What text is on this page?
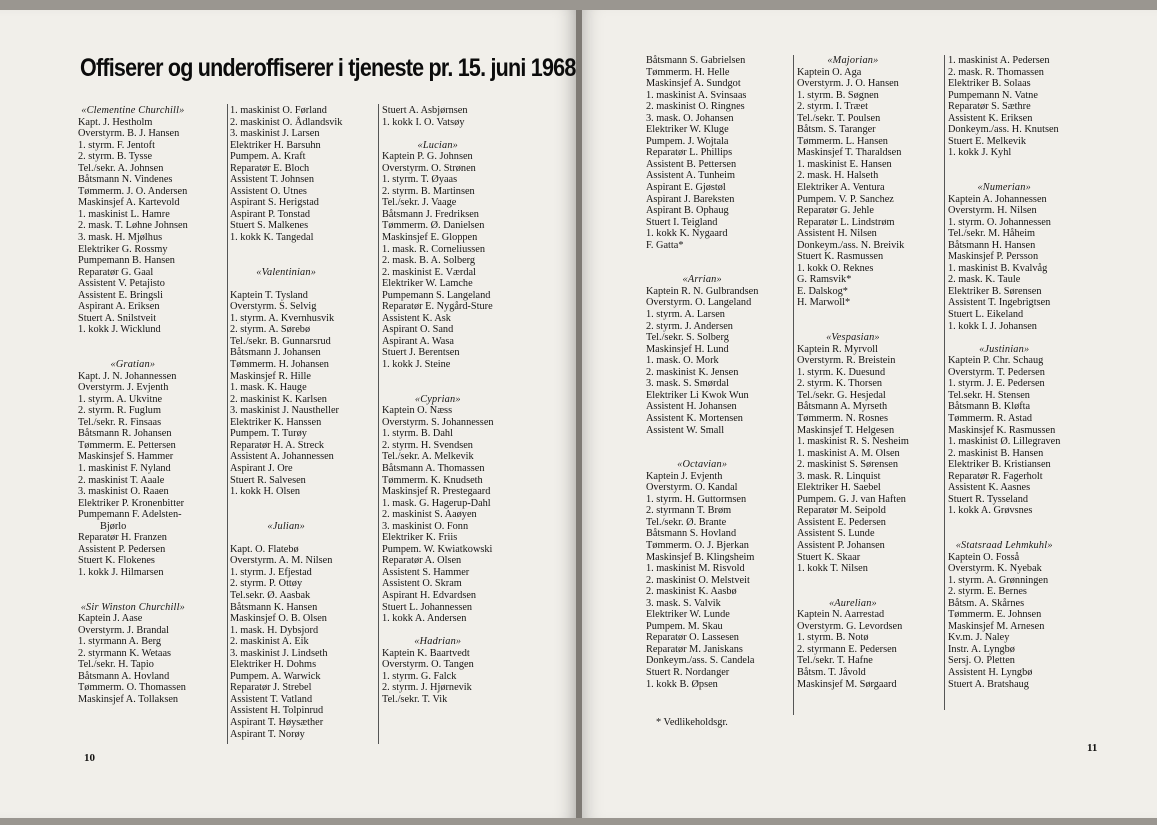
Offiserer og underoffiserer i tjeneste pr. 15. juni 1968
«Clementine Churchill»
Kapt. J. Hestholm
Overstyrm. B. J. Hansen
1. styrm. F. Jentoft
2. styrm. B. Tysse
Tel./sekr. A. Johnsen
Båtsmann N. Vindenes
Tømmerm. J. O. Andersen
Maskinsjef A. Kartevold
1. maskinist L. Hamre
2. mask. T. Løhne Johnsen
3. mask. H. Mjølhus
Elektriker G. Rossmy
Pumpemann B. Hansen
Reparatør G. Gaal
Assistent V. Petajisto
Assistent E. Bringsli
Aspirant A. Eriksen
Stuert A. Snilstveit
1. kokk J. Wicklund
«Gratian»
Kapt. J. N. Johannessen
Overstyrm. J. Evjenth
1. styrm. A. Ukvitne
2. styrm. R. Fuglum
Tel./sekr. R. Finsaas
Båtsmann R. Johansen
Tømmerm. E. Pettersen
Maskinsjef S. Hammer
1. maskinist F. Nyland
2. maskinist T. Aaale
3. maskinist O. Raaen
Elektriker P. Kronenbitter
Pumpemann F. Adelsten-
Bjørlo
Reparatør H. Franzen
Assistent P. Pedersen
Stuert K. Flokenes
1. kokk J. Hilmarsen
«Sir Winston Churchill»
Kaptein J. Aase
Overstyrm. J. Brandal
1. styrmann A. Berg
2. styrmann K. Wetaas
Tel./sekr. H. Tapio
Båtsmann A. Hovland
Tømmerm. O. Thomassen
Maskinsjef A. Tollaksen
1. maskinist O. Førland
2. maskinist O. Ådlandsvik
3. maskinist J. Larsen
Elektriker H. Barsuhn
Pumpem. A. Kraft
Reparatør E. Bloch
Assistent T. Johnsen
Assistent O. Utnes
Aspirant S. Herigstad
Aspirant P. Tonstad
Stuert S. Malkenes
1. kokk K. Tangedal
«Valentinian»
Kaptein T. Tysland
Overstyrm. S. Selvig
1. styrm. A. Kvernhusvik
2. styrm. A. Sørebø
Tel./sekr. B. Gunnarsrud
Båtsmann J. Johansen
Tømmerm. H. Johansen
Maskinsjef R. Hille
1. mask. K. Hauge
2. maskinist K. Karlsen
3. maskinist J. Naustheller
Elektriker K. Hanssen
Pumpem. T. Turøy
Reparatør H. A. Streck
Assistent A. Johannessen
Aspirant J. Ore
Stuert R. Salvesen
1. kokk H. Olsen
«Julian»
Kapt. O. Flatebø
Overstyrm. A. M. Nilsen
1. styrm. J. Efjestad
2. styrm. P. Ottøy
Tel.sekr. Ø. Aasbak
Båtsmann K. Hansen
Maskinsjef O. B. Olsen
1. mask. H. Dybsjord
2. maskinist A. Eik
3. maskinist J. Lindseth
Elektriker H. Dohms
Pumpem. A. Warwick
Reparatør J. Strebel
Assistent T. Vatland
Assistent H. Tolpinrud
Aspirant T. Høysæther
Aspirant T. Norøy
Stuert A. Asbjørnsen
1. kokk I. O. Vatsøy
«Lucian»
Kaptein P. G. Johnsen
Overstyrm. O. Strønen
1. styrm. T. Øyaas
2. styrm. B. Martinsen
Tel./sekr. J. Vaage
Båtsmann J. Fredriksen
Tømmerm. Ø. Danielsen
Maskinsjef E. Gloppen
1. mask. R. Corneliussen
2. mask. B. A. Solberg
2. maskinist E. Værdal
Elektriker W. Lamche
Pumpemann S. Langeland
Reparatør E. Nygård-Sture
Assistent K. Ask
Aspirant O. Sand
Aspirant A. Wasa
Stuert J. Berentsen
1. kokk J. Steine
«Cyprian»
Kaptein O. Næss
Overstyrm. S. Johannessen
1. styrm. B. Dahl
2. styrm. H. Svendsen
Tel./sekr. A. Melkevik
Båtsmann A. Thomassen
Tømmerm. K. Knudseth
Maskinsjef R. Prestegaard
1. mask. G. Hagerup-Dahl
2. maskinist S. Aaøyen
3. maskinist O. Fonn
Elektriker K. Friis
Pumpem. W. Kwiatkowski
Reparatør A. Olsen
Assistent S. Hammer
Assistent O. Skram
Aspirant H. Edvardsen
Stuert L. Johannessen
1. kokk A. Andersen
«Hadrian»
Kaptein K. Baartvedt
Overstyrm. O. Tangen
1. styrm. G. Falck
2. styrm. J. Hjørnevik
Tel./sekr. T. Vik
Båtsmann S. Gabrielsen
Tømmerm. H. Helle
Maskinsjef A. Sundgot
1. maskinist A. Svinsaas
2. maskinist O. Ringnes
3. mask. O. Johansen
Elektriker W. Kluge
Pumpem. J. Wojtala
Reparatør L. Phillips
Assistent B. Pettersen
Assistent A. Tunheim
Aspirant E. Gjøstøl
Aspirant J. Bareksten
Aspirant B. Ophaug
Stuert I. Teigland
1. kokk K. Nygaard
F. Gatta*
«Arrian»
Kaptein R. N. Gulbrandsen
Overstyrm. O. Langeland
1. styrm. A. Larsen
2. styrm. J. Andersen
Tel./sekr. S. Solberg
Maskinsjef H. Lund
1. mask. O. Mork
2. maskinist K. Jensen
3. mask. S. Smørdal
Elektriker Li Kwok Wun
Assistent H. Johansen
Assistent K. Mortensen
Assistent W. Small
«Octavian»
Kaptein J. Evjenth
Overstyrm. O. Kandal
1. styrm. H. Guttormsen
2. styrmann T. Brøm
Tel./sekr. Ø. Brante
Båtsmann S. Hovland
Tømmerm. O. J. Bjerkan
Maskinsjef B. Klingsheim
1. maskinist M. Risvold
2. maskinist O. Melstveit
2. maskinist K. Aasbø
3. mask. S. Valvik
Elektriker W. Lunde
Pumpem. M. Skau
Reparatør O. Lassesen
Reparatør M. Janiskans
Donkeym./ass. S. Candela
Stuert R. Nordanger
1. kokk B. Øpsen
«Majorian»
Kaptein O. Aga
Overstyrm. J. O. Hansen
1. styrm. B. Søgnen
2. styrm. I. Træet
Tel./sekr. T. Poulsen
Båtsm. S. Taranger
Tømmerm. L. Hansen
Maskinsjef T. Tharaldsen
1. maskinist E. Hansen
2. mask. H. Halseth
Elektriker A. Ventura
Pumpem. V. P. Sanchez
Reparatør G. Jehle
Reparatør L. Lindstrøm
Assistent H. Nilsen
Donkeym./ass. N. Breivik
Stuert K. Rasmussen
1. kokk O. Reknes
G. Ramsvik*
E. Dalskog*
H. Marwoll*
«Vespasian»
Kaptein R. Myrvoll
Overstyrm. R. Breistein
1. styrm. K. Duesund
2. styrm. K. Thorsen
Tel./sekr. G. Hesjedal
Båtsmann A. Myrseth
Tømmerm. N. Rosnes
Maskinsjef T. Helgesen
1. maskinist R. S. Nesheim
1. maskinist A. M. Olsen
2. maskinist S. Sørensen
3. mask. R. Linquist
Elektriker H. Saebel
Pumpem. G. J. van Haften
Reparatør M. Seipold
Assistent E. Pedersen
Assistent S. Lunde
Assistent P. Johansen
Stuert K. Skaar
1. kokk T. Nilsen
«Aurelian»
Kaptein N. Aarrestad
Overstyrm. G. Levordsen
1. styrm. B. Notø
2. styrmann E. Pedersen
Tel./sekr. T. Hafne
Båtsm. T. Jåvold
Maskinsjef M. Sørgaard
1. maskinist A. Pedersen
2. mask. R. Thomassen
Elektriker B. Solaas
Pumpemann N. Vatne
Reparatør S. Sæthre
Assistent K. Eriksen
Donkeym./ass. H. Knutsen
Stuert E. Melkevik
1. kokk J. Kyhl
«Numerian»
Kaptein A. Johannessen
Overstyrm. H. Nilsen
1. styrm. O. Johannessen
Tel./sekr. M. Håheim
Båtsmann H. Hansen
Maskinsjef P. Persson
1. maskinist B. Kvalvåg
2. mask. K. Taule
Elektriker B. Sørensen
Assistent T. Ingebrigtsen
Stuert L. Eikeland
1. kokk I. J. Johansen
«Justinian»
Kaptein P. Chr. Schaug
Overstyrm. T. Pedersen
1. styrm. J. E. Pedersen
Tel.sekr. H. Stensen
Båtsmann B. Kløfta
Tømmerm. R. Astad
Maskinsjef K. Rasmussen
1. maskinist Ø. Lillegraven
2. maskinist B. Hansen
Elektriker B. Kristiansen
Reparatør R. Fagerholt
Assistent K. Aasnes
Stuert R. Tysseland
1. kokk A. Grøvsnes
«Statsraad Lehmkuhl»
Kaptein O. Fosså
Overstyrm. K. Nyebak
1. styrm. A. Grønningen
2. styrm. E. Bernes
Båtsm. A. Skårnes
Tømmerm. E. Johnsen
Maskinsjef M. Arnesen
Kv.m. J. Naley
Instr. A. Lyngbø
Sersj. O. Pletten
Assistent H. Lyngbø
Stuert A. Bratshaug
* Vedlikeholdsgr.
10
11
